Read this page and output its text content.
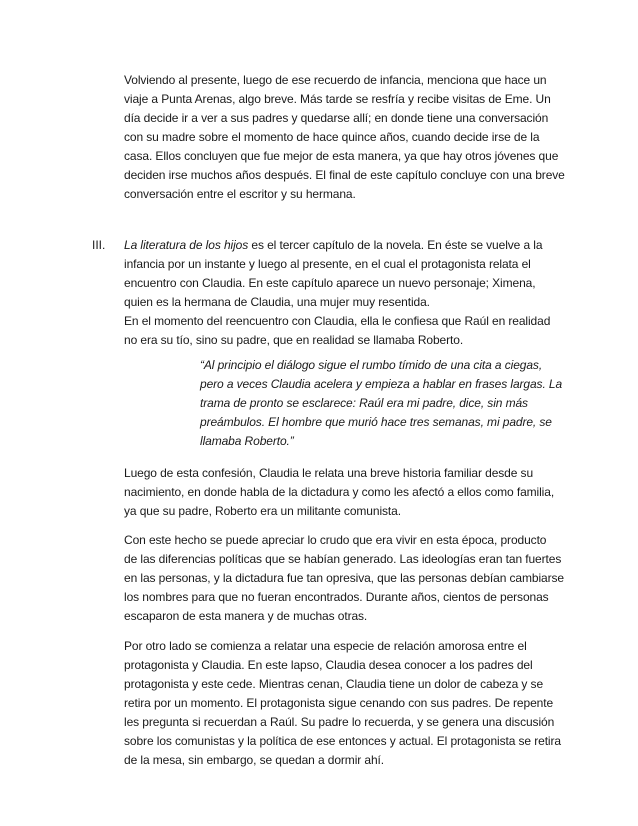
Volviendo al presente, luego de ese recuerdo de infancia, menciona que hace un
viaje a Punta Arenas, algo breve. Más tarde se resfría y recibe visitas de Eme. Un
día decide ir a ver a sus padres y quedarse allí; en donde tiene una conversación
con su madre sobre el momento de hace quince años, cuando decide irse de la
casa. Ellos concluyen que fue mejor de esta manera, ya que hay otros jóvenes que
deciden irse muchos años después. El final de este capítulo concluye con una breve
conversación entre el escritor y su hermana.

III. La literatura de los hijos es el tercer capítulo de la novela. En éste se vuelve a la
infancia por un instante y luego al presente, en el cual el protagonista relata el
encuentro con Claudia. En este capítulo aparece un nuevo personaje; Ximena,
quien es la hermana de Claudia, una mujer muy resentida.
En el momento del reencuentro con Claudia, ella le confiesa que Raúl en realidad
no era su tío, sino su padre, que en realidad se llamaba Roberto.

“Al principio el diálogo sigue el rumbo tímido de una cita a ciegas,
pero a veces Claudia acelera y empieza a hablar en frases largas. La
trama de pronto se esclarece: Raúl era mi padre, dice, sin más
preámbulos. El hombre que murió hace tres semanas, mi padre, se
llamaba Roberto.”

Luego de esta confesión, Claudia le relata una breve historia familiar desde su
nacimiento, en donde habla de la dictadura y como les afectó a ellos como familia,
ya que su padre, Roberto era un militante comunista.

Con este hecho se puede apreciar lo crudo que era vivir en esta época, producto
de las diferencias políticas que se habían generado. Las ideologías eran tan fuertes
en las personas, y la dictadura fue tan opresiva, que las personas debían cambiarse
los nombres para que no fueran encontrados. Durante años, cientos de personas
escaparon de esta manera y de muchas otras.

Por otro lado se comienza a relatar una especie de relación amorosa entre el
protagonista y Claudia. En este lapso, Claudia desea conocer a los padres del
protagonista y este cede. Mientras cenan, Claudia tiene un dolor de cabeza y se
retira por un momento. El protagonista sigue cenando con sus padres. De repente
les pregunta si recuerdan a Raúl. Su padre lo recuerda, y se genera una discusión
sobre los comunistas y la política de ese entonces y actual. El protagonista se retira
de la mesa, sin embargo, se quedan a dormir ahí.
